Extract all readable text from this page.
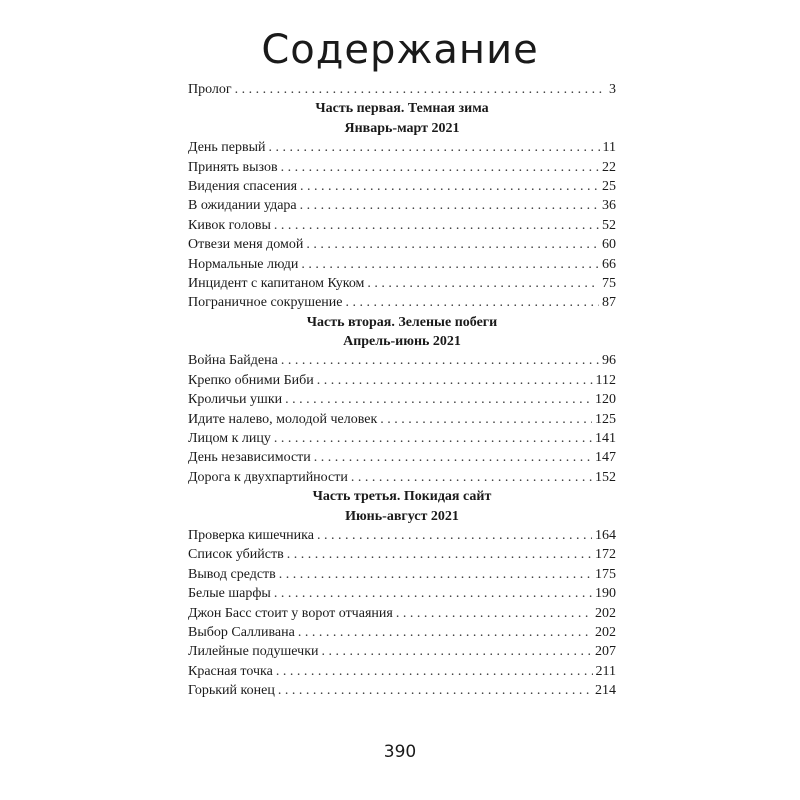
Содержание
Пролог . . .	3
Часть первая. Темная зима
Январь-март 2021
День первый . . .	11
Принять вызов . . .	22
Видения спасения . . .	25
В ожидании удара . . .	36
Кивок головы . . .	52
Отвези меня домой . . .	60
Нормальные люди . . .	66
Инцидент с капитаном Куком . . .	75
Пограничное сокрушение . . .	87
Часть вторая. Зеленые побеги
Апрель-июнь 2021
Война Байдена . . .	96
Крепко обними Биби . . .	112
Кроличьи ушки . . .	120
Идите налево, молодой человек . . .	125
Лицом к лицу . . .	141
День независимости . . .	147
Дорога к двухпартийности . . .	152
Часть третья. Покидая сайт
Июнь-август 2021
Проверка кишечника . . .	164
Список убийств . . .	172
Вывод средств . . .	175
Белые шарфы . . .	190
Джон Басс стоит у ворот отчаяния . . .	202
Выбор Салливана . . .	202
Лилейные подушечки . . .	207
Красная точка . . .	211
Горький конец . . .	214
390
